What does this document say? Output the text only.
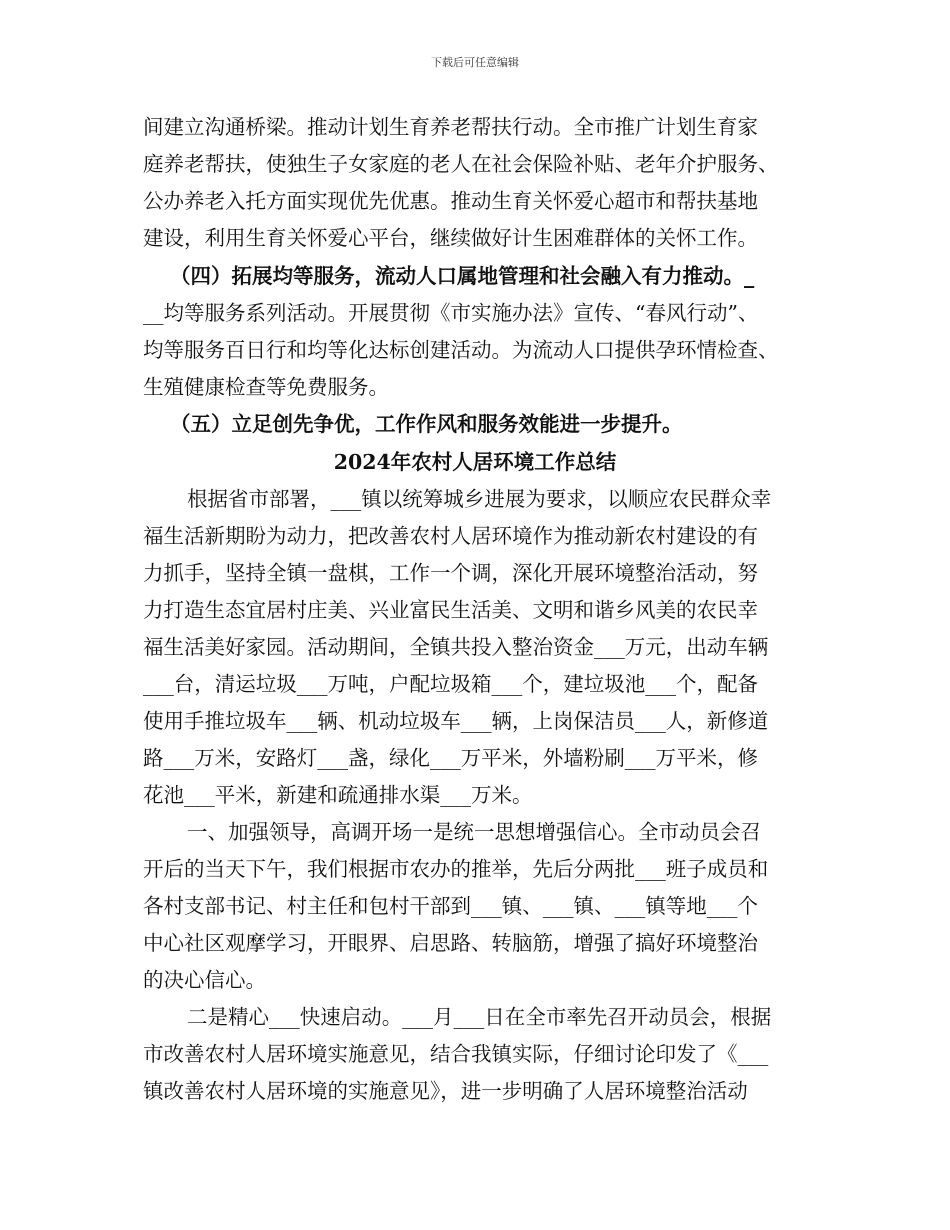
下载后可任意编辑
间建立沟通桥梁。推动计划生育养老帮扶行动。全市推广计划生育家
庭养老帮扶，使独生子女家庭的老人在社会保险补贴、老年介护服务、
公办养老入托方面实现优先优惠。推动生育关怀爱心超市和帮扶基地
建设，利用生育关怀爱心平台，继续做好计生困难群体的关怀工作。
（四）拓展均等服务，流动人口属地管理和社会融入有力推动。_
__均等服务系列活动。开展贯彻《市实施办法》宣传、“春风行动”、
均等服务百日行和均等化达标创建活动。为流动人口提供孕环情检查、
生殖健康检查等免费服务。
（五）立足创先争优，工作作风和服务效能进一步提升。
2024年农村人居环境工作总结
根据省市部署，___镇以统筹城乡进展为要求，以顺应农民群众幸
福生活新期盼为动力，把改善农村人居环境作为推动新农村建设的有
力抓手，坚持全镇一盘棋，工作一个调，深化开展环境整治活动，努
力打造生态宜居村庄美、兴业富民生活美、文明和谐乡风美的农民幸
福生活美好家园。活动期间，全镇共投入整治资金___万元，出动车辆
___台，清运垃圾___万吨，户配垃圾箱___个，建垃圾池___个，配备
使用手推垃圾车___辆、机动垃圾车___辆，上岗保洁员___人，新修道
路___万米，安路灯___盏，绿化___万平米，外墙粉刷___万平米，修
花池___平米，新建和疏通排水渠___万米。
一、加强领导，高调开场一是统一思想增强信心。全市动员会召
开后的当天下午，我们根据市农办的推举，先后分两批___班子成员和
各村支部书记、村主任和包村干部到___镇、___镇、___镇等地___个
中心社区观摩学习，开眼界、启思路、转脑筋，增强了搞好环境整治
的决心信心。
二是精心___快速启动。___月___日在全市率先召开动员会，根据
市改善农村人居环境实施意见，结合我镇实际，仔细讨论印发了《___
镇改善农村人居环境的实施意见》，进一步明确了人居环境整治活动
